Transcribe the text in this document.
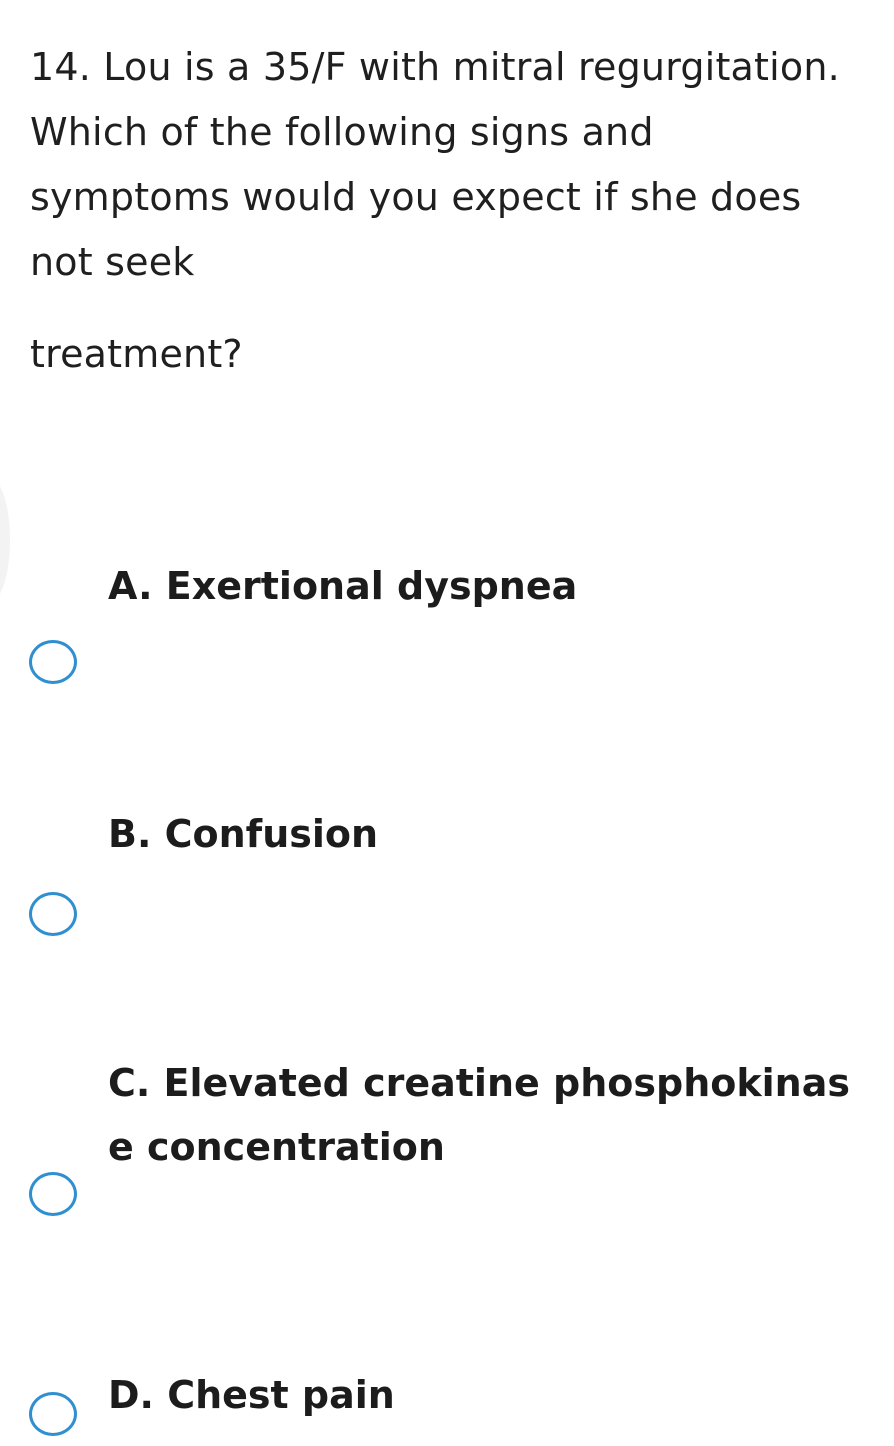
14. Lou is a 35/F with mitral regurgitation.
Which of the following signs and
symptoms would you expect if she does
not seek
treatment?
A. Exertional dyspnea
B. Confusion
C. Elevated creatine phosphokinas
e concentration
D. Chest pain
